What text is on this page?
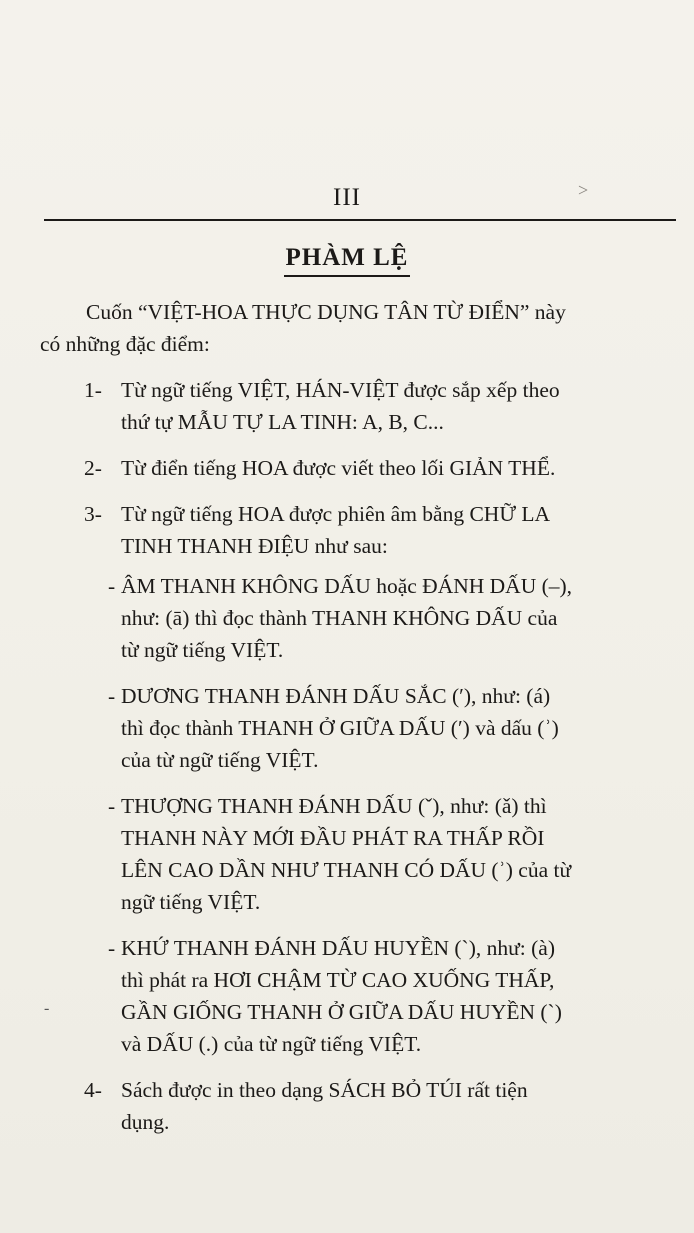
III	>
PHÀM LỆ
Cuốn “VIỆT-HOA THỰC DỤNG TÂN TỪ ĐIỂN” này
có những đặc điểm:
1- Từ ngữ tiếng VIỆT, HÁN-VIỆT được sắp xếp theo
thứ tự MẪU TỰ LA TINH: A, B, C...
2- Từ điển tiếng HOA được viết theo lối GIẢN THỂ.
3- Từ ngữ tiếng HOA được phiên âm bằng CHỮ LA
TINH THANH ĐIỆU như sau:
- ÂM THANH KHÔNG DẤU hoặc ĐÁNH DẤU (–),
như: (ā) thì đọc thành THANH KHÔNG DẤU của
từ ngữ tiếng VIỆT.
- DƯƠNG THANH ĐÁNH DẤU SẮC (′), như: (á)
thì đọc thành THANH Ở GIỮA DẤU (′) và dấu (ʾ)
của từ ngữ tiếng VIỆT.
- THƯỢNG THANH ĐÁNH DẤU (ˇ), như: (ǎ) thì
THANH NÀY MỚI ĐẦU PHÁT RA THẤP RỒI
LÊN CAO DẦN NHƯ THANH CÓ DẤU (ʾ) của từ
ngữ tiếng VIỆT.
- KHỨ THANH ĐÁNH DẤU HUYỀN (`), như: (à)
thì phát ra HƠI CHẬM TỪ CAO XUỐNG THẤP,
GẦN GIỐNG THANH Ở GIỮA DẤU HUYỀN (`)
và DẤU (.) của từ ngữ tiếng VIỆT.
4- Sách được in theo dạng SÁCH BỎ TÚI rất tiện
dụng.
-
